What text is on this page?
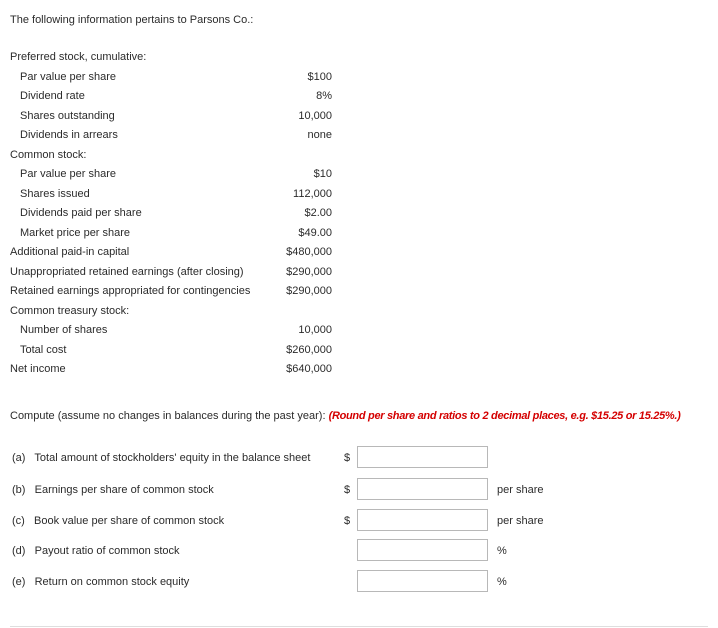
The following information pertains to Parsons Co.:
Preferred stock, cumulative:
Par value per share	$100
Dividend rate	8%
Shares outstanding	10,000
Dividends in arrears	none
Common stock:
Par value per share	$10
Shares issued	112,000
Dividends paid per share	$2.00
Market price per share	$49.00
Additional paid-in capital	$480,000
Unappropriated retained earnings (after closing)	$290,000
Retained earnings appropriated for contingencies	$290,000
Common treasury stock:
Number of shares	10,000
Total cost	$260,000
Net income	$640,000
Compute (assume no changes in balances during the past year): (Round per share and ratios to 2 decimal places, e.g. $15.25 or 15.25%.)
(a)   Total amount of stockholders' equity in the balance sheet	$
(b)   Earnings per share of common stock	$	per share
(c)   Book value per share of common stock	$	per share
(d)   Payout ratio of common stock	%
(e)   Return on common stock equity	%
